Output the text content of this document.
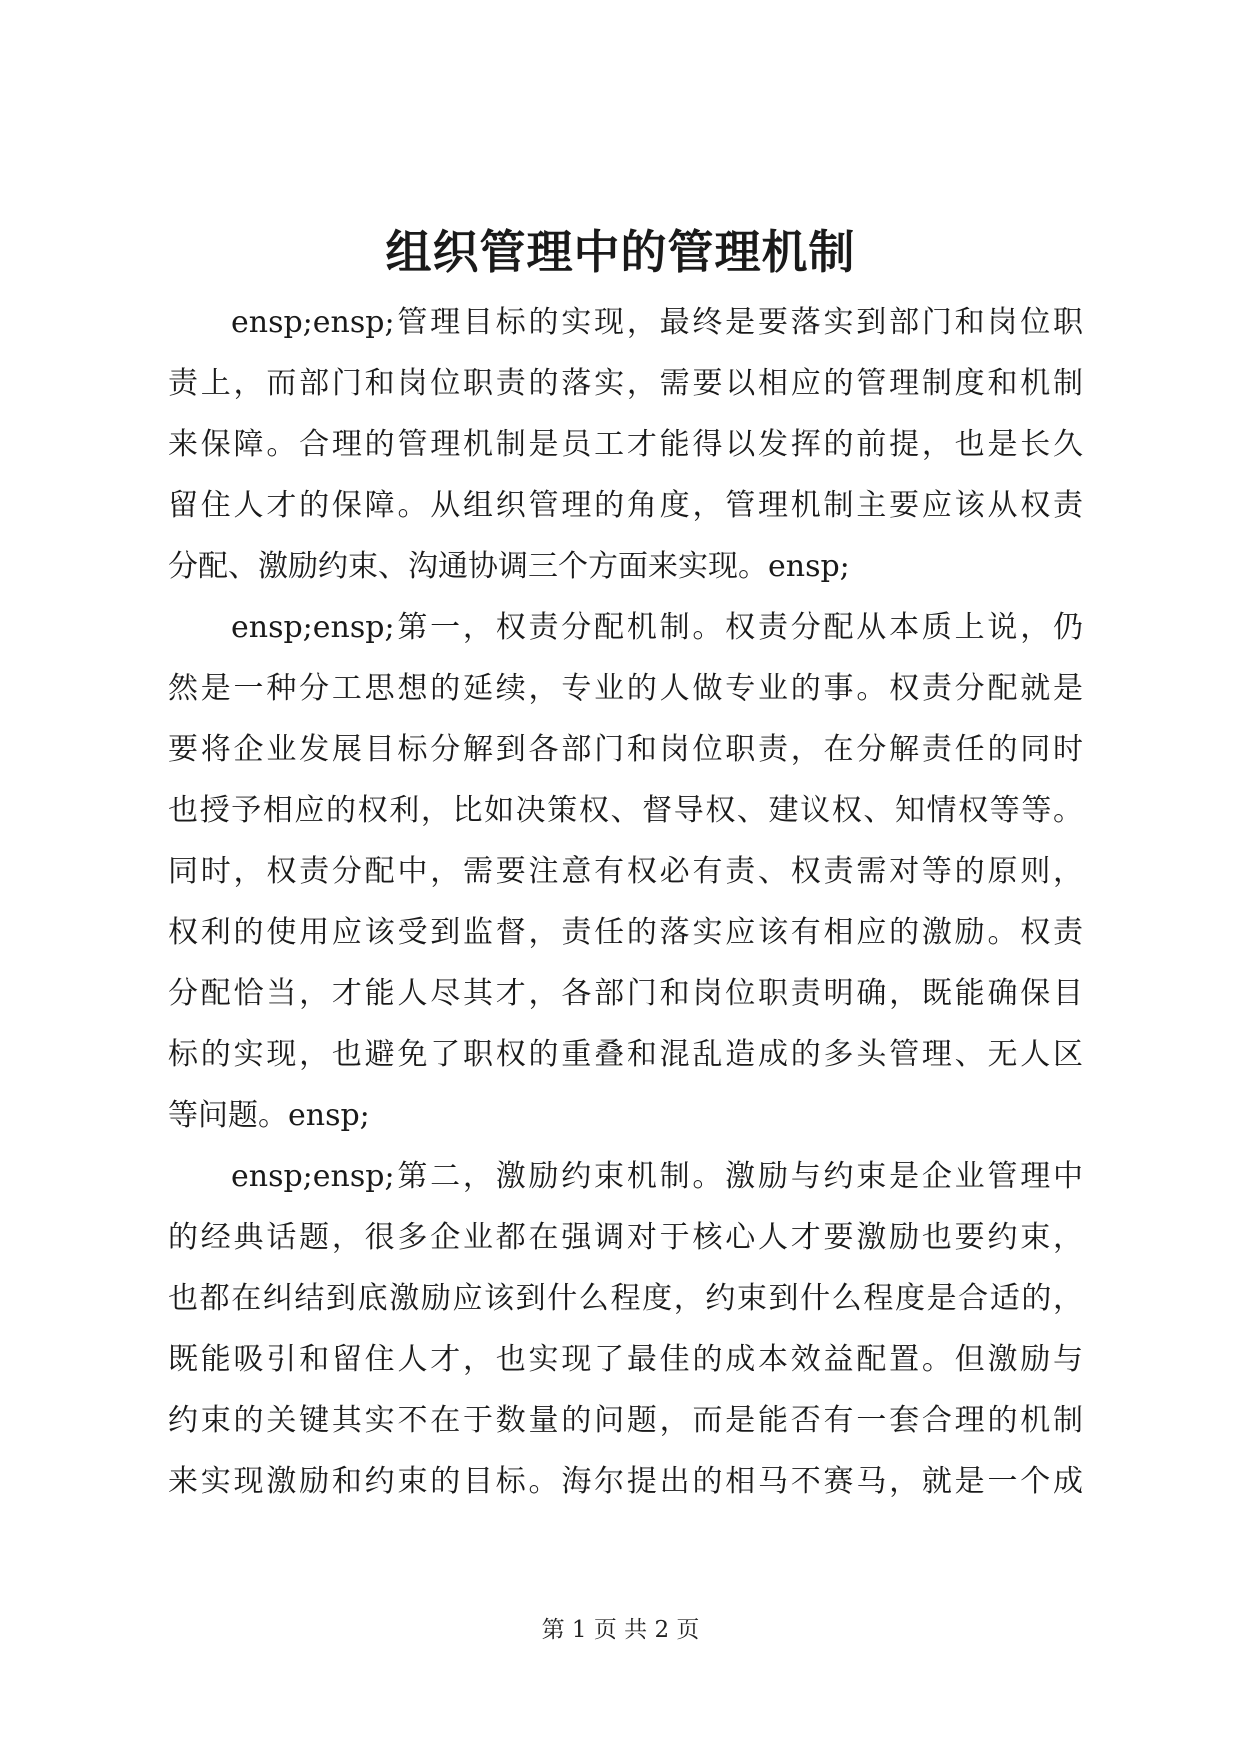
组织管理中的管理机制
ensp;ensp;管理目标的实现，最终是要落实到部门和岗位职
责上，而部门和岗位职责的落实，需要以相应的管理制度和机制
来保障。合理的管理机制是员工才能得以发挥的前提，也是长久
留住人才的保障。从组织管理的角度，管理机制主要应该从权责
分配、激励约束、沟通协调三个方面来实现。ensp;
ensp;ensp;第一，权责分配机制。权责分配从本质上说，仍
然是一种分工思想的延续，专业的人做专业的事。权责分配就是
要将企业发展目标分解到各部门和岗位职责，在分解责任的同时
也授予相应的权利，比如决策权、督导权、建议权、知情权等等。
同时，权责分配中，需要注意有权必有责、权责需对等的原则，
权利的使用应该受到监督，责任的落实应该有相应的激励。权责
分配恰当，才能人尽其才，各部门和岗位职责明确，既能确保目
标的实现，也避免了职权的重叠和混乱造成的多头管理、无人区
等问题。ensp;
ensp;ensp;第二，激励约束机制。激励与约束是企业管理中
的经典话题，很多企业都在强调对于核心人才要激励也要约束，
也都在纠结到底激励应该到什么程度，约束到什么程度是合适的，
既能吸引和留住人才，也实现了最佳的成本效益配置。但激励与
约束的关键其实不在于数量的问题，而是能否有一套合理的机制
来实现激励和约束的目标。海尔提出的相马不赛马，就是一个成
第 1 页 共 2 页
